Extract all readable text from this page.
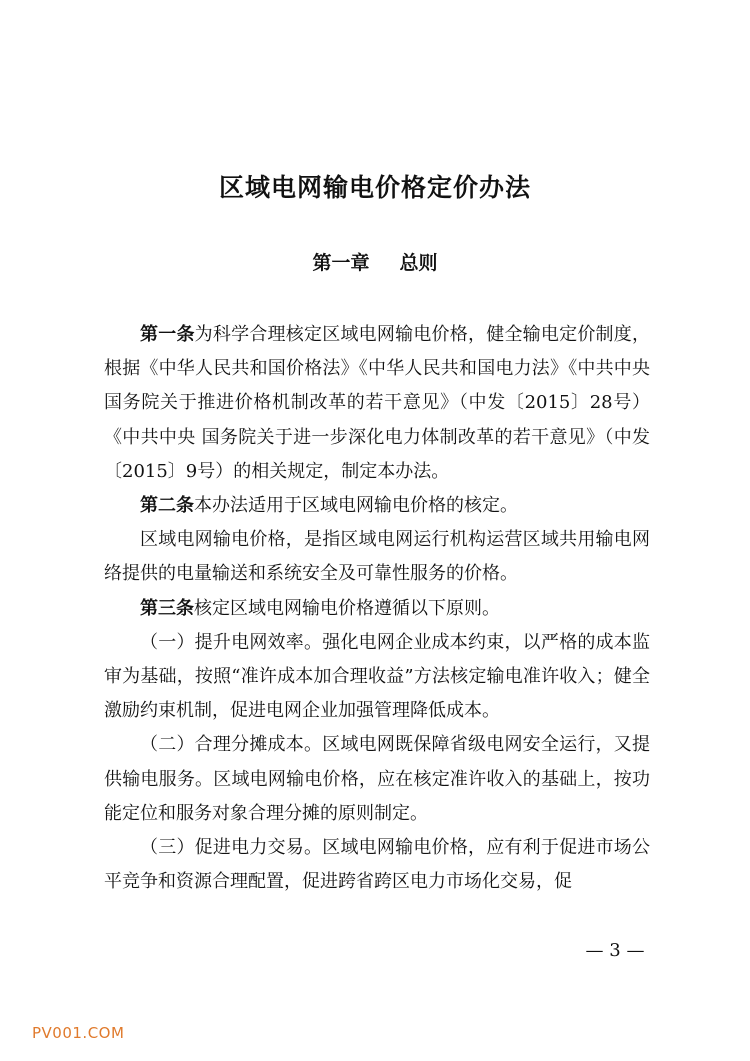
区域电网输电价格定价办法
第一章 总则

第一条为科学合理核定区域电网输电价格，健全输电定价制度，根据《中华人民共和国价格法》《中华人民共和国电力法》《中共中央 国务院关于推进价格机制改革的若干意见》（中发〔2015〕28号）《中共中央 国务院关于进一步深化电力体制改革的若干意见》（中发〔2015〕9号）的相关规定，制定本办法。

第二条本办法适用于区域电网输电价格的核定。

区域电网输电价格，是指区域电网运行机构运营区域共用输电网络提供的电量输送和系统安全及可靠性服务的价格。

第三条核定区域电网输电价格遵循以下原则。

（一）提升电网效率。强化电网企业成本约束，以严格的成本监审为基础，按照“准许成本加合理收益”方法核定输电准许收入；健全激励约束机制，促进电网企业加强管理降低成本。

（二）合理分摊成本。区域电网既保障省级电网安全运行，又提供输电服务。区域电网输电价格，应在核定准许收入的基础上，按功能定位和服务对象合理分摊的原则制定。

（三）促进电力交易。区域电网输电价格，应有利于促进市场公平竞争和资源合理配置，促进跨省跨区电力市场化交易，促

— 3 —
PV001.COM
